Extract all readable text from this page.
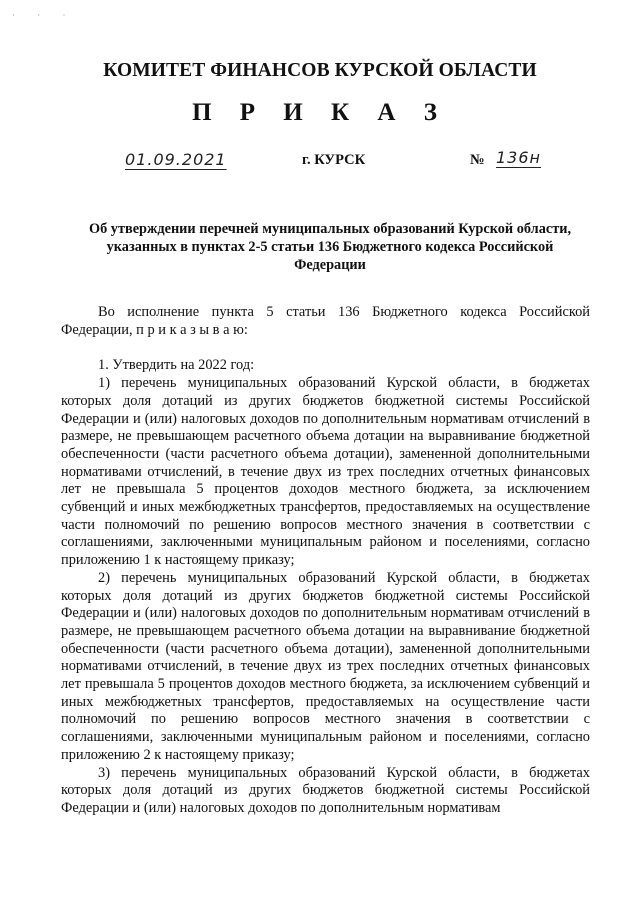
· · ·
КОМИТЕТ ФИНАНСОВ КУРСКОЙ ОБЛАСТИ
П Р И К А З
01.09.2021	г. КУРСК	№ 136н
Об утверждении перечней муниципальных образований Курской области,
указанных в пунктах 2-5 статьи 136 Бюджетного кодекса Российской
Федерации

Во исполнение пункта 5 статьи 136 Бюджетного кодекса Российской Федерации, п р и к а з ы в а ю:

1. Утвердить на 2022 год:

1) перечень муниципальных образований Курской области, в бюджетах которых доля дотаций из других бюджетов бюджетной системы Российской Федерации и (или) налоговых доходов по дополнительным нормативам отчислений в размере, не превышающем расчетного объема дотации на выравнивание бюджетной обеспеченности (части расчетного объема дотации), замененной дополнительными нормативами отчислений, в течение двух из трех последних отчетных финансовых лет не превышала 5 процентов доходов местного бюджета, за исключением субвенций и иных межбюджетных трансфертов, предоставляемых на осуществление части полномочий по решению вопросов местного значения в соответствии с соглашениями, заключенными муниципальным районом и поселениями, согласно приложению 1 к настоящему приказу;

2) перечень муниципальных образований Курской области, в бюджетах которых доля дотаций из других бюджетов бюджетной системы Российской Федерации и (или) налоговых доходов по дополнительным нормативам отчислений в размере, не превышающем расчетного объема дотации на выравнивание бюджетной обеспеченности (части расчетного объема дотации), замененной дополнительными нормативами отчислений, в течение двух из трех последних отчетных финансовых лет превышала 5 процентов доходов местного бюджета, за исключением субвенций и иных межбюджетных трансфертов, предоставляемых на осуществление части полномочий по решению вопросов местного значения в соответствии с соглашениями, заключенными муниципальным районом и поселениями, согласно приложению 2 к настоящему приказу;

3) перечень муниципальных образований Курской области, в бюджетах которых доля дотаций из других бюджетов бюджетной системы Российской Федерации и (или) налоговых доходов по дополнительным нормативам
